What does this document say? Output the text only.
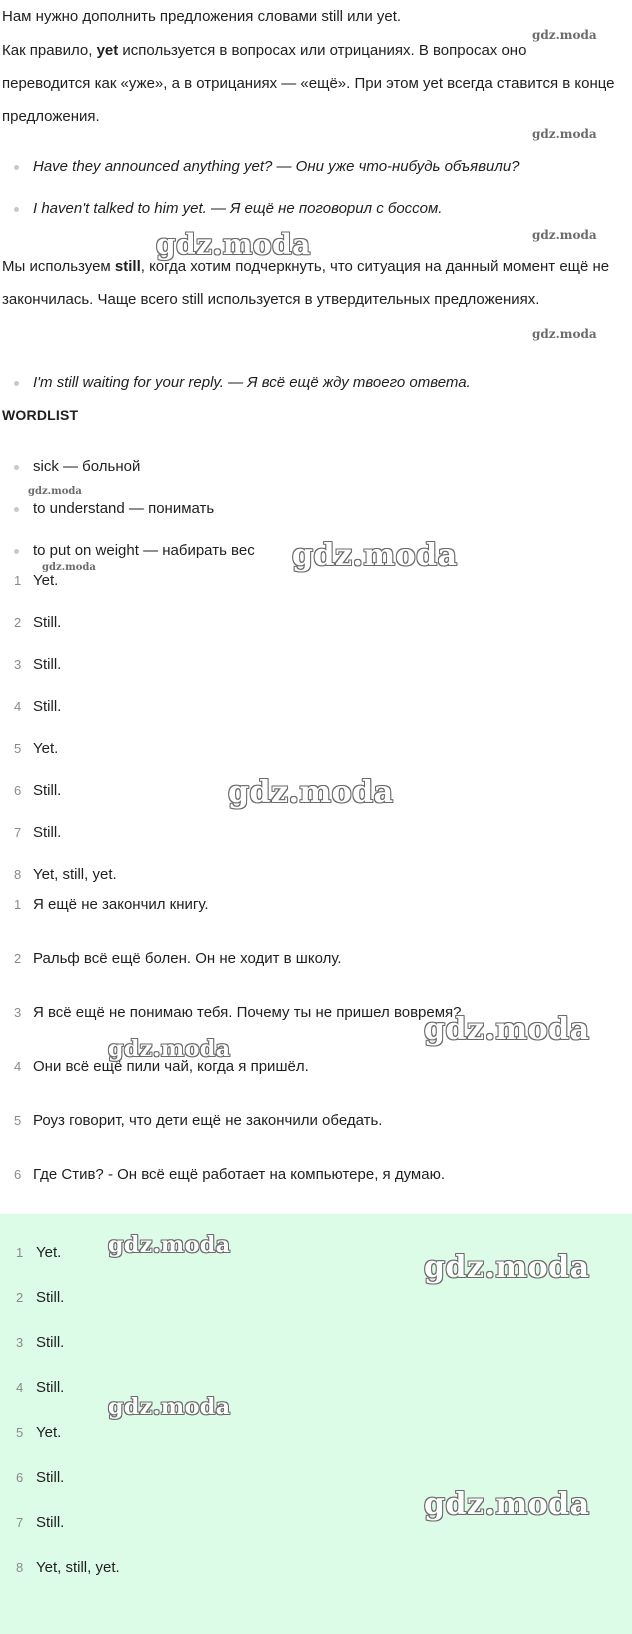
Нам нужно дополнить предложения словами still или yet.

Как правило, yet используется в вопросах или отрицаниях. В вопросах оно переводится как «уже», а в отрицаниях — «ещё». При этом yet всегда ставится в конце предложения.

Have they announced anything yet? — Они уже что-нибудь объявили?
I haven't talked to him yet. — Я ещё не поговорил с боссом.

Мы используем still, когда хотим подчеркнуть, что ситуация на данный момент ещё не закончилась. Чаще всего still используется в утвердительных предложениях.

I'm still waiting for your reply. — Я всё ещё жду твоего ответа.
WORDLIST
sick — больной
to understand — понимать
to put on weight — набирать вес
1 Yet.
2 Still.
3 Still.
4 Still.
5 Yet.
6 Still.
7 Still.
8 Yet, still, yet.
1 Я ещё не закончил книгу.
2 Ральф всё ещё болен. Он не ходит в школу.
3 Я всё ещё не понимаю тебя. Почему ты не пришел вовремя?
4 Они всё ещё пили чай, когда я пришёл.
5 Роуз говорит, что дети ещё не закончили обедать.
6 Где Стив? - Он всё ещё работает на компьютере, я думаю.
1 Yet.
2 Still.
3 Still.
4 Still.
5 Yet.
6 Still.
7 Still.
8 Yet, still, yet.
gdz.moda
gdz.moda
gdz.moda	gdz.moda
gdz.moda
gdz.moda
gdz.moda
gdz.moda
gdz.moda
gdz.moda
gdz.moda
gdz.moda
gdz.moda
gdz.moda
gdz.moda
